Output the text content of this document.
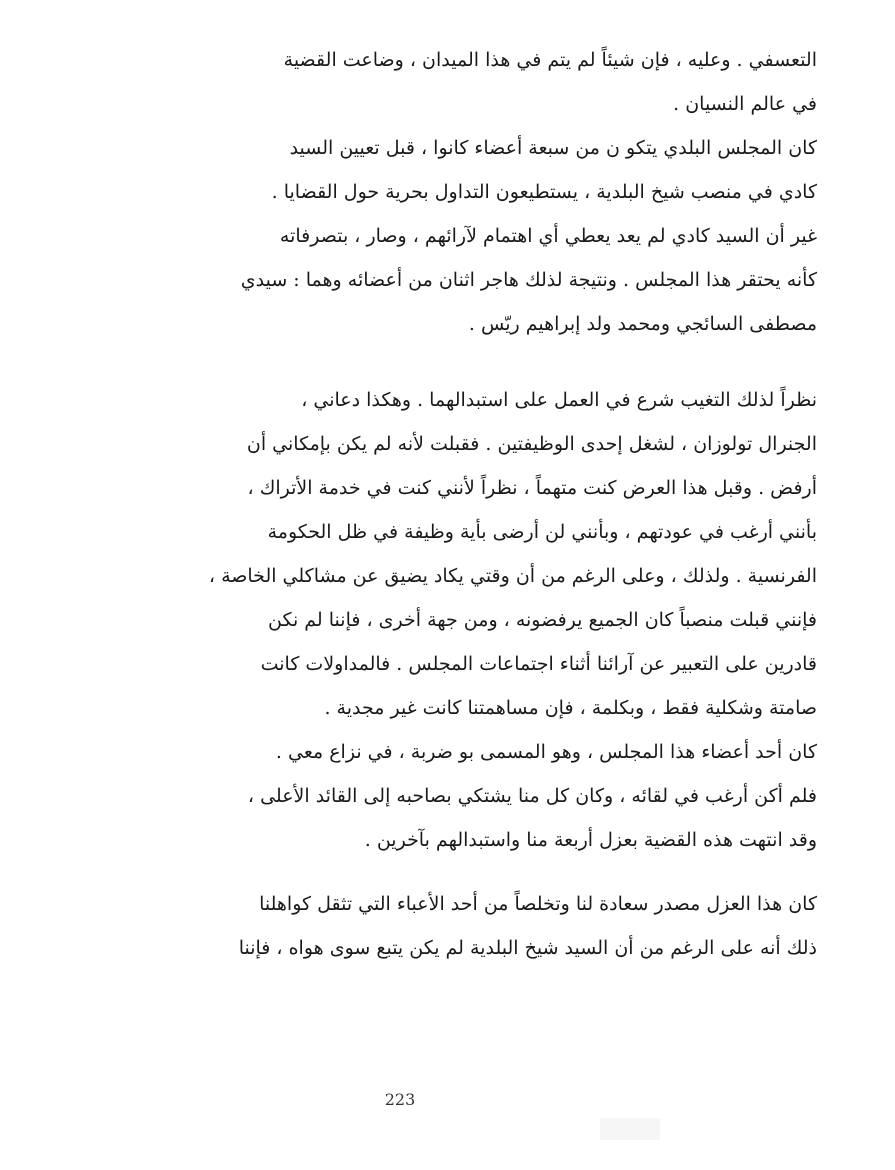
التعسفي . وعليه ، فإن شيئاً لم يتم في هذا الميدان ، وضاعت القضية
في عالم النسيان .
كان المجلس البلدي يتكو ن من سبعة أعضاء كانوا ، قبل تعيين السيد
كادي في منصب شيخ البلدية ، يستطيعون التداول بحرية حول القضايا .
غير أن السيد كادي لم يعد يعطي أي اهتمام لآرائهم ، وصار ، بتصرفاته
كأنه يحتقر هذا المجلس . ونتيجة لذلك هاجر اثنان من أعضائه وهما : سيدي
مصطفى السائجي ومحمد ولد إبراهيم ريّس .
نظراً لذلك التغيب شرع في العمل على استبدالهما . وهكذا دعاني ،
الجنرال تولوزان ، لشغل إحدى الوظيفتين . فقبلت لأنه لم يكن بإمكاني أن
أرفض . وقبل هذا العرض كنت متهماً ، نظراً لأنني كنت في خدمة الأتراك ،
بأنني أرغب في عودتهم ، وبأنني لن أرضى بأية وظيفة في ظل الحكومة
الفرنسية . ولذلك ، وعلى الرغم من أن وقتي يكاد يضيق عن مشاكلي الخاصة ،
فإنني قبلت منصباً كان الجميع يرفضونه ، ومن جهة أخرى ، فإننا لم نكن
قادرين على التعبير عن آرائنا أثناء اجتماعات المجلس . فالمداولات كانت
صامتة وشكلية فقط ، وبكلمة ، فإن مساهمتنا كانت غير مجدية .
كان أحد أعضاء هذا المجلس ، وهو المسمى بو ضربة ، في نزاع معي .
فلم أكن أرغب في لقائه ، وكان كل منا يشتكي بصاحبه إلى القائد الأعلى ،
وقد انتهت هذه القضية بعزل أربعة منا واستبدالهم بآخرين .
كان هذا العزل مصدر سعادة لنا وتخلصاً من أحد الأعباء التي تثقل كواهلنا
ذلك أنه على الرغم من أن السيد شيخ البلدية لم يكن يتبع سوى هواه ، فإننا
223
